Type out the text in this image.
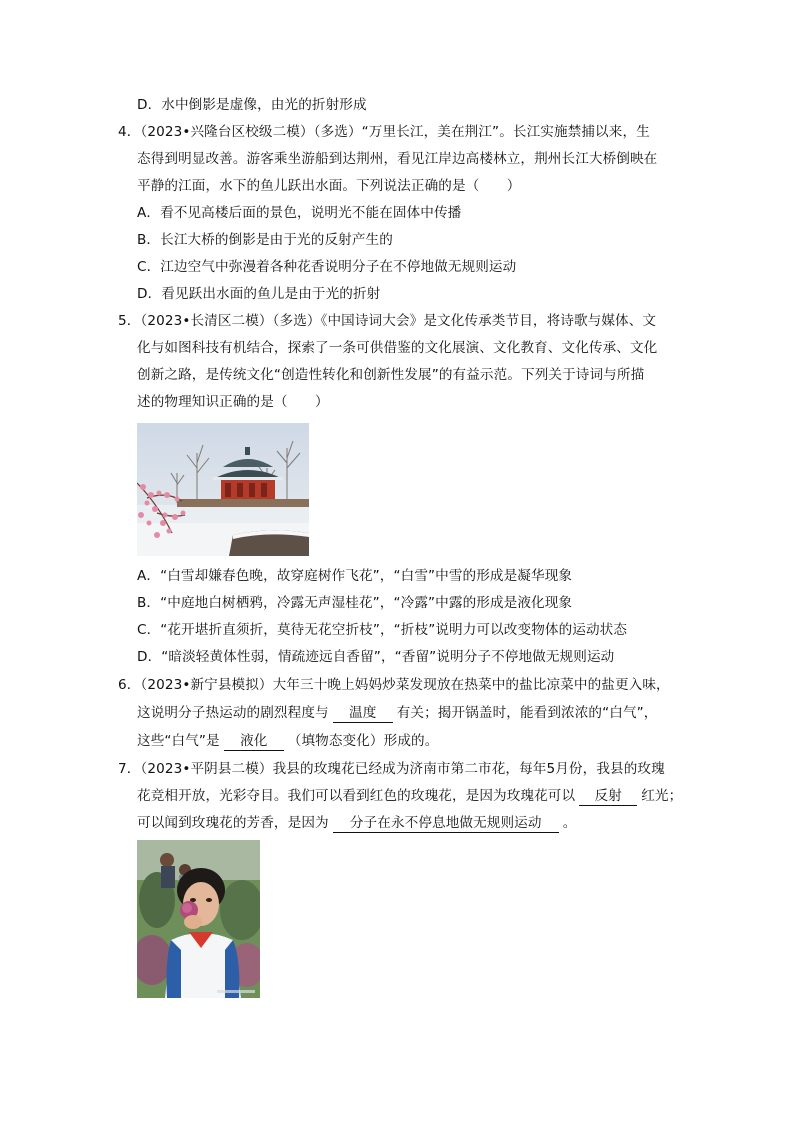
D．水中倒影是虚像，由光的折射形成
4．（2023•兴隆台区校级二模）（多选）“万里长江，美在荆江”。长江实施禁捕以来，生
态得到明显改善。游客乘坐游船到达荆州，看见江岸边高楼林立，荆州长江大桥倒映在
平静的江面，水下的鱼儿跃出水面。下列说法正确的是（　　）
A．看不见高楼后面的景色，说明光不能在固体中传播
B．长江大桥的倒影是由于光的反射产生的
C．江边空气中弥漫着各种花香说明分子在不停地做无规则运动
D．看见跃出水面的鱼儿是由于光的折射
5．（2023•长清区二模）（多选）《中国诗词大会》是文化传承类节目，将诗歌与媒体、文
化与如图科技有机结合，探索了一条可供借鉴的文化展演、文化教育、文化传承、文化
创新之路，是传统文化“创造性转化和创新性发展”的有益示范。下列关于诗词与所描
述的物理知识正确的是（　　）
A．“白雪却嫌春色晚，故穿庭树作飞花”，“白雪”中雪的形成是凝华现象
B．“中庭地白树栖鸦，冷露无声湿桂花”，“冷露”中露的形成是液化现象
C．“花开堪折直须折，莫待无花空折枝”，“折枝”说明力可以改变物体的运动状态
D．“暗淡轻黄体性弱，情疏迹远自香留”，“香留”说明分子不停地做无规则运动
6．（2023•新宁县模拟）大年三十晚上妈妈炒菜发现放在热菜中的盐比凉菜中的盐更入味，
这说明分子热运动的剧烈程度与 温度 有关；揭开锅盖时，能看到浓浓的“白气”，
这些“白气”是 液化 （填物态变化）形成的。
7．（2023•平阴县二模）我县的玫瑰花已经成为济南市第二市花，每年5月份，我县的玫瑰
花竞相开放，光彩夺目。我们可以看到红色的玫瑰花，是因为玫瑰花可以 反射 红光；
可以闻到玫瑰花的芳香，是因为 分子在永不停息地做无规则运动 。
